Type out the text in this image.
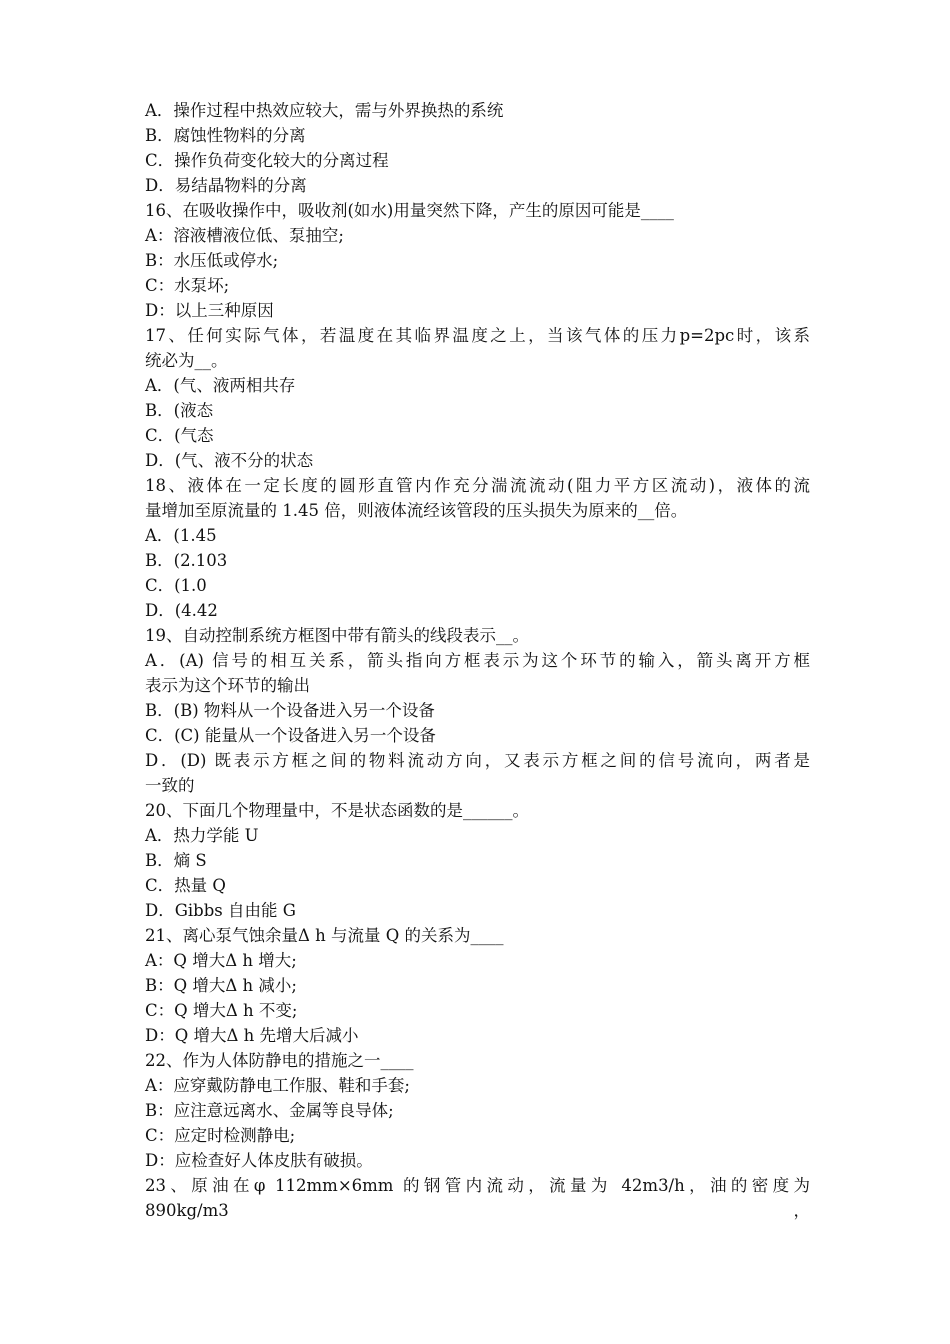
A．操作过程中热效应较大，需与外界换热的系统
B．腐蚀性物料的分离
C．操作负荷变化较大的分离过程
D．易结晶物料的分离
16、在吸收操作中，吸收剂(如水)用量突然下降，产生的原因可能是____
A：溶液槽液位低、泵抽空;
B：水压低或停水;
C：水泵坏;
D：以上三种原因
17、任何实际气体，若温度在其临界温度之上，当该气体的压力p=2pc时，该系
统必为__。
A．(气、液两相共存
B．(液态
C．(气态
D．(气、液不分的状态
18、液体在一定长度的圆形直管内作充分湍流流动(阻力平方区流动)，液体的流
量增加至原流量的 1.45 倍，则液体流经该管段的压头损失为原来的__倍。
A．(1.45
B．(2.103
C．(1.0
D．(4.42
19、自动控制系统方框图中带有箭头的线段表示__。
A．(A) 信号的相互关系，箭头指向方框表示为这个环节的输入，箭头离开方框
表示为这个环节的输出
B．(B) 物料从一个设备进入另一个设备
C．(C) 能量从一个设备进入另一个设备
D．(D) 既表示方框之间的物料流动方向，又表示方框之间的信号流向，两者是
一致的
20、下面几个物理量中，不是状态函数的是______。
A．热力学能 U
B．熵 S
C．热量 Q
D．Gibbs 自由能 G
21、离心泵气蚀余量Δ h 与流量 Q 的关系为____
A：Q 增大Δ h 增大;
B：Q 增大Δ h 减小;
C：Q 增大Δ h 不变;
D：Q 增大Δ h 先增大后减小
22、作为人体防静电的措施之一____
A：应穿戴防静电工作服、鞋和手套;
B：应注意远离水、金属等良导体;
C：应定时检测静电;
D：应检查好人体皮肤有破损。
23、原油在φ 112mm×6mm 的钢管内流动，流量为 42m3/h，油的密度为 890kg/m3，
